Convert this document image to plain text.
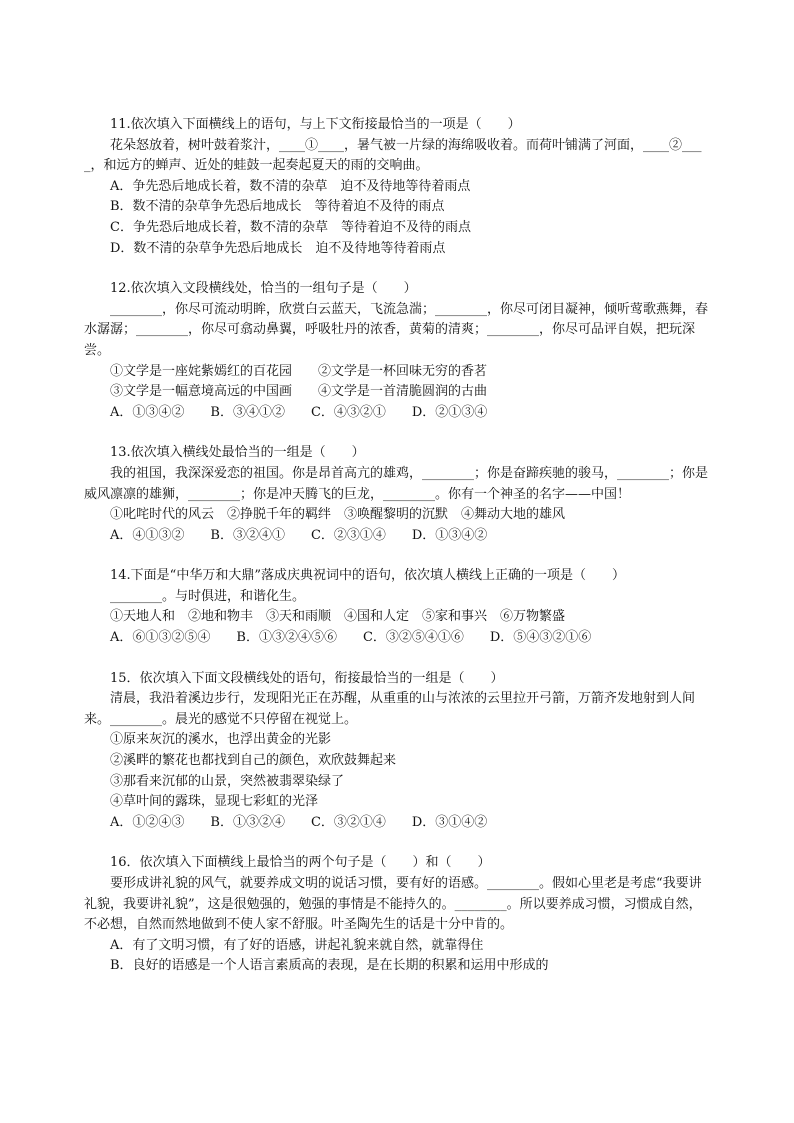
11.依次填入下面横线上的语句，与上下文衔接最恰当的一项是（　　）

花朵怒放着，树叶鼓着浆汁，____①____，暑气被一片绿的海绵吸收着。而荷叶铺满了河面，____②____，和远方的蝉声、近处的蛙鼓一起奏起夏天的雨的交响曲。

A．争先恐后地成长着，数不清的杂草　迫不及待地等待着雨点

B．数不清的杂草争先恐后地成长　等待着迫不及待的雨点

C．争先恐后地成长着，数不清的杂草　等待着迫不及待的雨点

D．数不清的杂草争先恐后地成长　迫不及待地等待着雨点

12.依次填入文段横线处，恰当的一组句子是（　　）

________，你尽可流动明眸，欣赏白云蓝天，飞流急湍；________，你尽可闭目凝神，倾听莺歌燕舞，春水潺潺；________，你尽可翕动鼻翼，呼吸牡丹的浓香，黄菊的清爽；________，你尽可品评自娱，把玩深尝。

①文学是一座姹紫嫣红的百花园　　②文学是一杯回味无穷的香茗

③文学是一幅意境高远的中国画　　④文学是一首清脆圆润的古曲

A．①③④②　　B．③④①②　　C．④③②①　　D．②①③④

13.依次填入横线处最恰当的一组是（　　）

我的祖国，我深深爱恋的祖国。你是昂首高亢的雄鸡，________；你是奋蹄疾驰的骏马，________；你是威风凛凛的雄狮，________；你是冲天腾飞的巨龙，________。你有一个神圣的名字——中国！

①叱咤时代的风云　②挣脱千年的羁绊　③唤醒黎明的沉默　④舞动大地的雄风

A．④①③②　　B．③②④①　　C．②③①④　　D．①③④②

14.下面是“中华万和大鼎”落成庆典祝词中的语句，依次填人横线上正确的一项是（　　）

________。与时俱进，和谐化生。

①天地人和　②地和物丰　③天和雨顺　④国和人定　⑤家和事兴　⑥万物繁盛

A．⑥①③②⑤④　　B．①③②④⑤⑥　　C．③②⑤④①⑥　　D．⑤④③②①⑥

15．依次填入下面文段横线处的语句，衔接最恰当的一组是（　　）

清晨，我沿着溪边步行，发现阳光正在苏醒，从重重的山与浓浓的云里拉开弓箭，万箭齐发地射到人间来。________。晨光的感觉不只停留在视觉上。

①原来灰沉的溪水，也浮出黄金的光影

②溪畔的繁花也都找到自己的颜色，欢欣鼓舞起来

③那看来沉郁的山景，突然被翡翠染绿了

④草叶间的露珠，显现七彩虹的光泽

A．①②④③　　B．①③②④　　C．③②①④　　D．③①④②

16．依次填入下面横线上最恰当的两个句子是（　　）和（　　）

要形成讲礼貌的风气，就要养成文明的说话习惯，要有好的语感。________。假如心里老是考虑“我要讲礼貌，我要讲礼貌”，这是很勉强的，勉强的事情是不能持久的。________。所以要养成习惯，习惯成自然，不必想，自然而然地做到不使人家不舒服。叶圣陶先生的话是十分中肯的。

A．有了文明习惯，有了好的语感，讲起礼貌来就自然，就靠得住

B．良好的语感是一个人语言素质高的表现，是在长期的积累和运用中形成的
